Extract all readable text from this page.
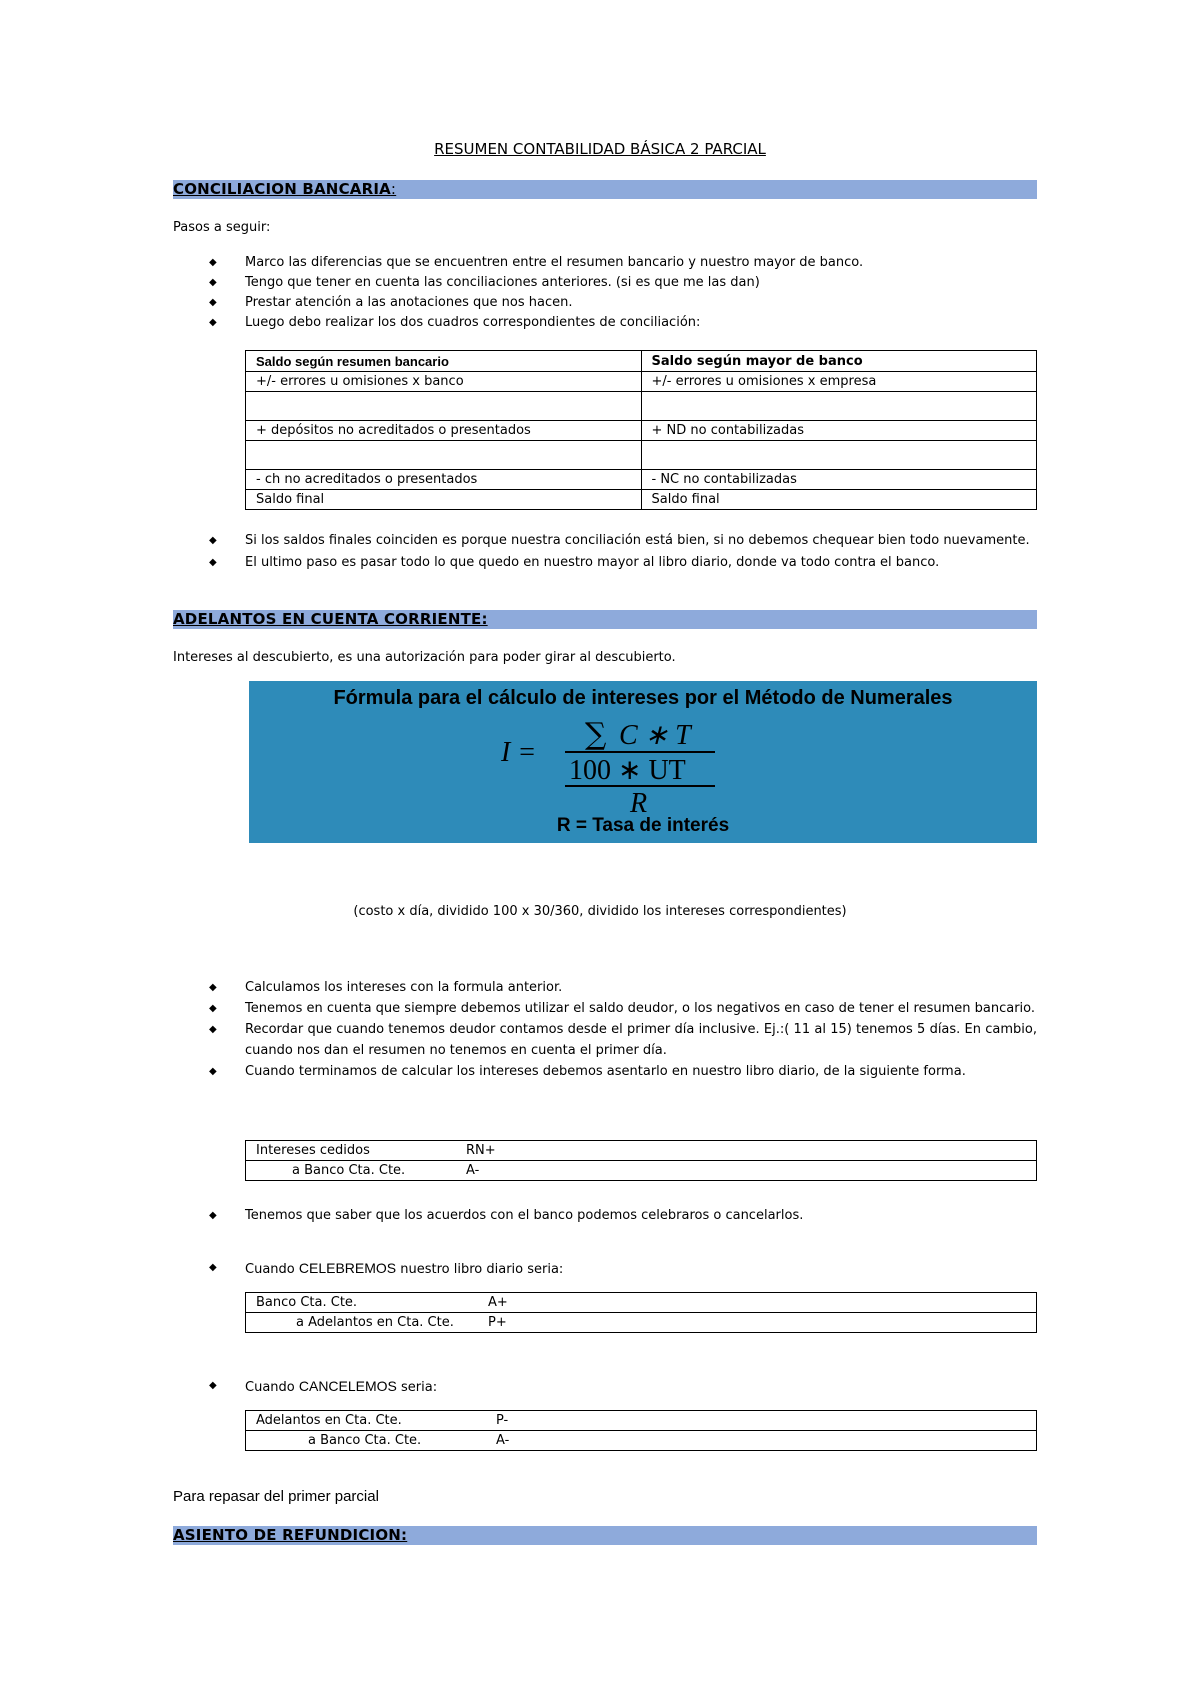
RESUMEN CONTABILIDAD BÁSICA 2 PARCIAL
CONCILIACION BANCARIA:
Pasos a seguir:
◆ Marco las diferencias que se encuentren entre el resumen bancario y nuestro mayor de banco.
◆ Tengo que tener en cuenta las conciliaciones anteriores. (si es que me las dan)
◆ Prestar atención a las anotaciones que nos hacen.
◆ Luego debo realizar los dos cuadros correspondientes de conciliación:
Saldo según resumen bancario	Saldo según mayor de banco
+/- errores u omisiones x banco	+/- errores u omisiones x empresa

+ depósitos no acreditados o presentados	+ ND no contabilizadas

- ch no acreditados o presentados	- NC no contabilizadas
Saldo final	Saldo final
◆ Si los saldos finales coinciden es porque nuestra conciliación está bien, si no debemos chequear bien todo nuevamente.
◆ El ultimo paso es pasar todo lo que quedo en nuestro mayor al libro diario, donde va todo contra el banco.
ADELANTOS EN CUENTA CORRIENTE:
Intereses al descubierto, es una autorización para poder girar al descubierto.
Fórmula para el cálculo de intereses por el Método de Numerales
I =
∑ C ∗ T
100 ∗ UT
R
R = Tasa de interés
(costo x día, dividido 100 x 30/360, dividido los intereses correspondientes)
◆ Calculamos los intereses con la formula anterior.
◆ Tenemos en cuenta que siempre debemos utilizar el saldo deudor, o los negativos en caso de tener el resumen bancario.
◆ Recordar que cuando tenemos deudor contamos desde el primer día inclusive. Ej.:( 11 al 15) tenemos 5 días. En cambio, cuando nos dan el resumen no tenemos en cuenta el primer día.
◆ Cuando terminamos de calcular los intereses debemos asentarlo en nuestro libro diario, de la siguiente forma.
Intereses cedidos	RN+
a Banco Cta. Cte.	A-
◆ Tenemos que saber que los acuerdos con el banco podemos celebraros o cancelarlos.
◆ Cuando CELEBREMOS nuestro libro diario seria:
Banco Cta. Cte.	A+
a Adelantos en Cta. Cte.	P+
◆ Cuando CANCELEMOS seria:
Adelantos en Cta. Cte.	P-
a Banco Cta. Cte.	A-
Para repasar del primer parcial
ASIENTO DE REFUNDICION:
